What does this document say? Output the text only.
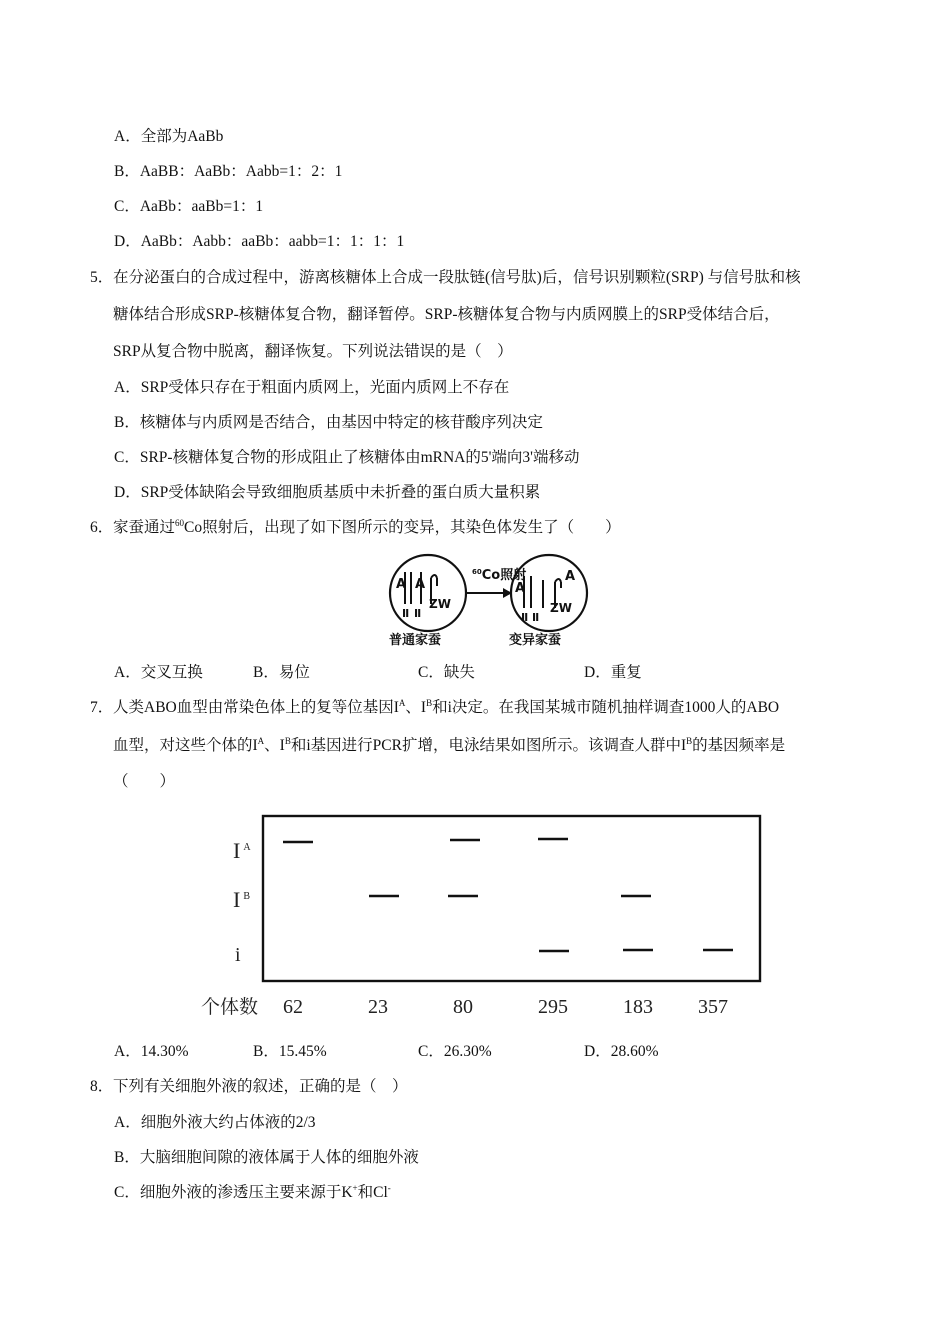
A．全部为AaBb
B．AaBB：AaBb：Aabb=1：2：1
C．AaBb：aaBb=1：1
D．AaBb：Aabb：aaBb：aabb=1：1：1：1
5． 在分泌蛋白的合成过程中，游离核糖体上合成一段肽链(信号肽)后，信号识别颗粒(SRP) 与信号肽和核
糖体结合形成SRP-核糖体复合物，翻译暂停。SRP-核糖体复合物与内质网膜上的SRP受体结合后，
SRP从复合物中脱离，翻译恢复。下列说法错误的是（　）
A．SRP受体只存在于粗面内质网上，光面内质网上不存在
B．核糖体与内质网是否结合，由基因中特定的核苷酸序列决定
C．SRP-核糖体复合物的形成阻止了核糖体由mRNA的5'端向3'端移动
D．SRP受体缺陷会导致细胞质基质中未折叠的蛋白质大量积累
6． 家蚕通过$^{60}$Co照射后，出现了如下图所示的变异，其染色体发生了（　　）
$^{60}$Co照射
A A
Ⅱ Ⅱ
ZW
A
A
Ⅱ Ⅱ
ZW
普通家蚕	变异家蚕
A．交叉互换	B．易位	C．缺失	D．重复
7． 人类ABO血型由常染色体上的复等位基因$I^A$、$I^B$和i决定。在我国某城市随机抽样调查1000人的ABO
血型，对这些个体的$I^A$、$I^B$和i基因进行PCR扩增，电泳结果如图所示。该调查人群中$I^B$的基因频率是
（　　）
I $^A$
I $^B$
i
个体数 62	23	80	295	183 357
A．14.30%	B．15.45%	C．26.30%	D．28.60%
8． 下列有关细胞外液的叙述，正确的是（　）
A．细胞外液大约占体液的2/3
B．大脑细胞间隙的液体属于人体的细胞外液
C．细胞外液的渗透压主要来源于K+和Cl-
